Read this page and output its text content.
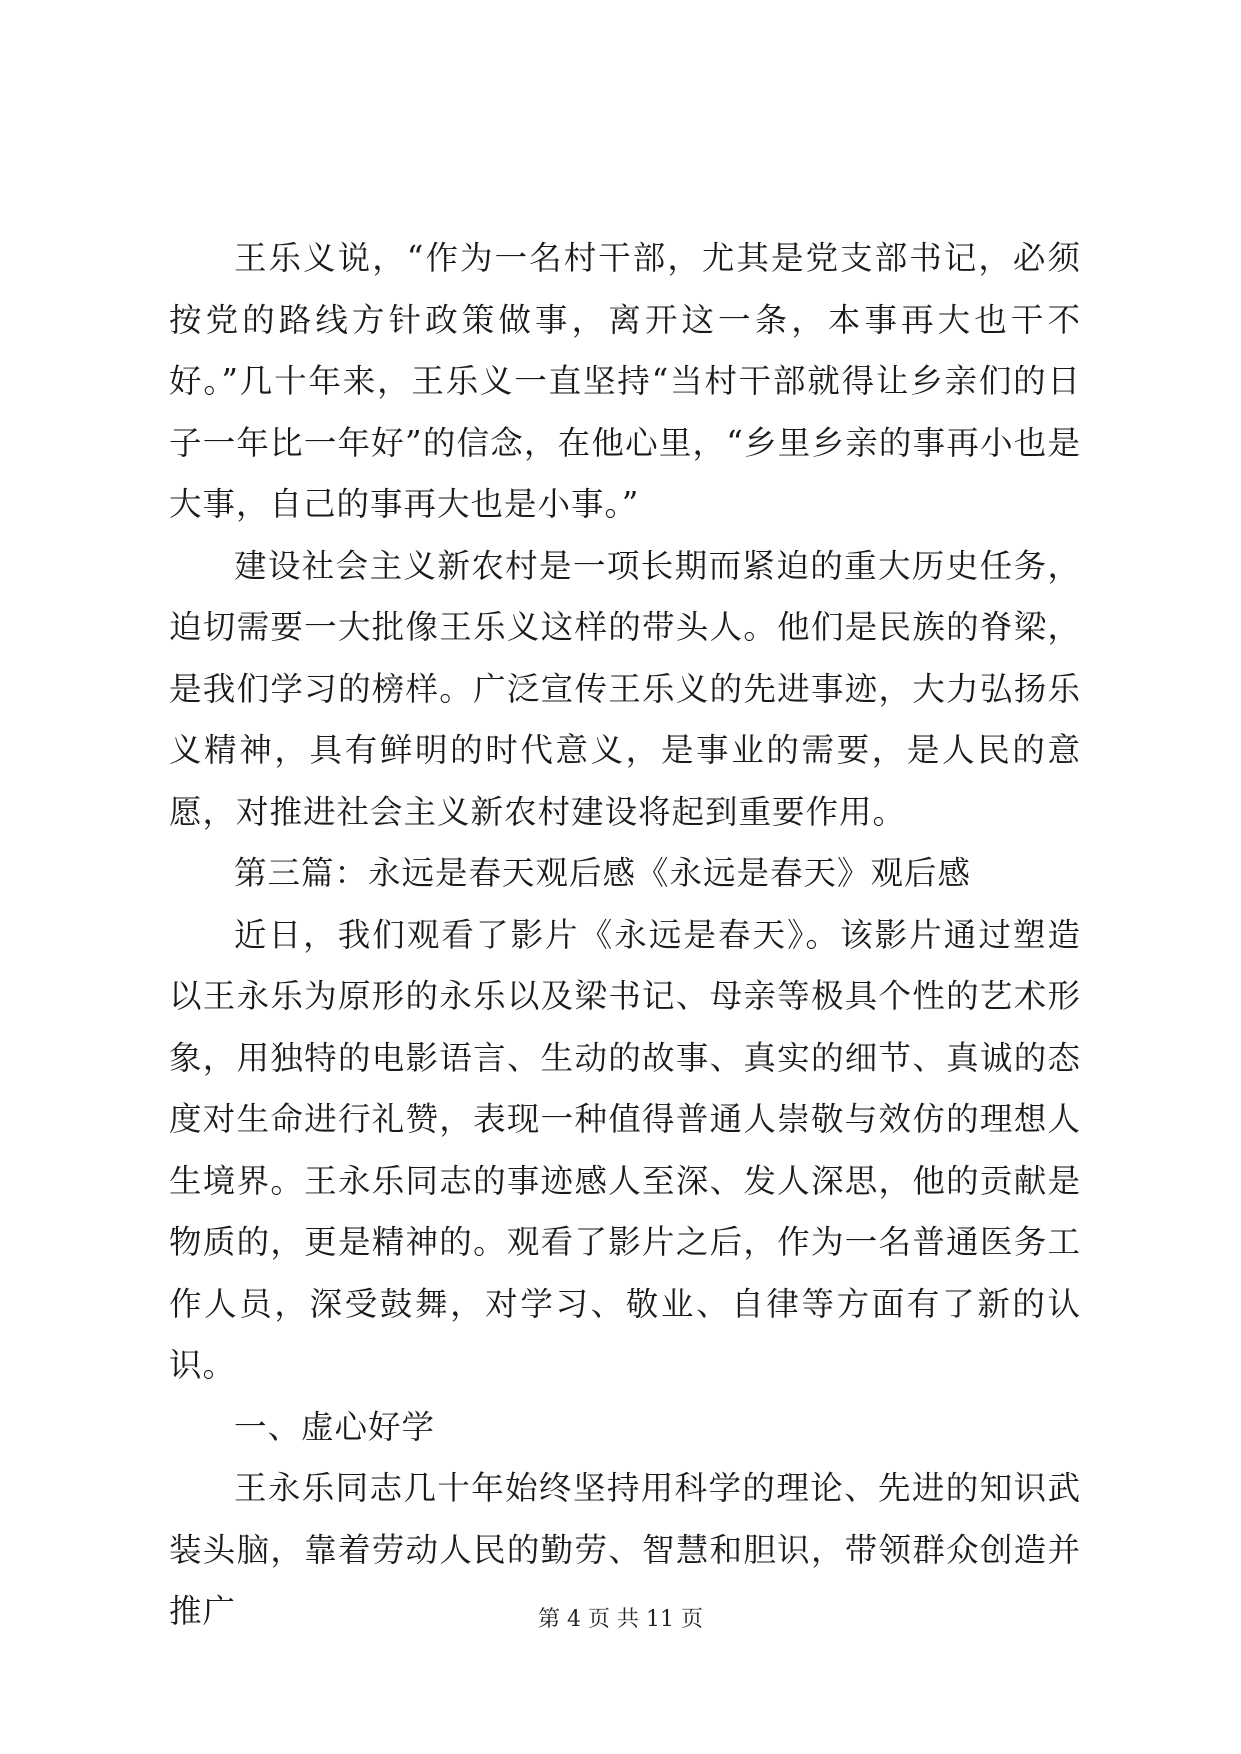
王乐义说，“作为一名村干部，尤其是党支部书记，必须按党的路线方针政策做事，离开这一条，本事再大也干不好。”几十年来，王乐义一直坚持“当村干部就得让乡亲们的日子一年比一年好”的信念，在他心里，“乡里乡亲的事再小也是大事，自己的事再大也是小事。”

建设社会主义新农村是一项长期而紧迫的重大历史任务，迫切需要一大批像王乐义这样的带头人。他们是民族的脊梁，是我们学习的榜样。广泛宣传王乐义的先进事迹，大力弘扬乐义精神，具有鲜明的时代意义，是事业的需要，是人民的意愿，对推进社会主义新农村建设将起到重要作用。

第三篇：永远是春天观后感《永远是春天》观后感

近日，我们观看了影片《永远是春天》。该影片通过塑造以王永乐为原形的永乐以及梁书记、母亲等极具个性的艺术形象，用独特的电影语言、生动的故事、真实的细节、真诚的态度对生命进行礼赞，表现一种值得普通人崇敬与效仿的理想人生境界。王永乐同志的事迹感人至深、发人深思，他的贡献是物质的，更是精神的。观看了影片之后，作为一名普通医务工作人员，深受鼓舞，对学习、敬业、自律等方面有了新的认识。

一、虚心好学

王永乐同志几十年始终坚持用科学的理论、先进的知识武装头脑，靠着劳动人民的勤劳、智慧和胆识，带领群众创造并推广	第 4 页 共 11 页
